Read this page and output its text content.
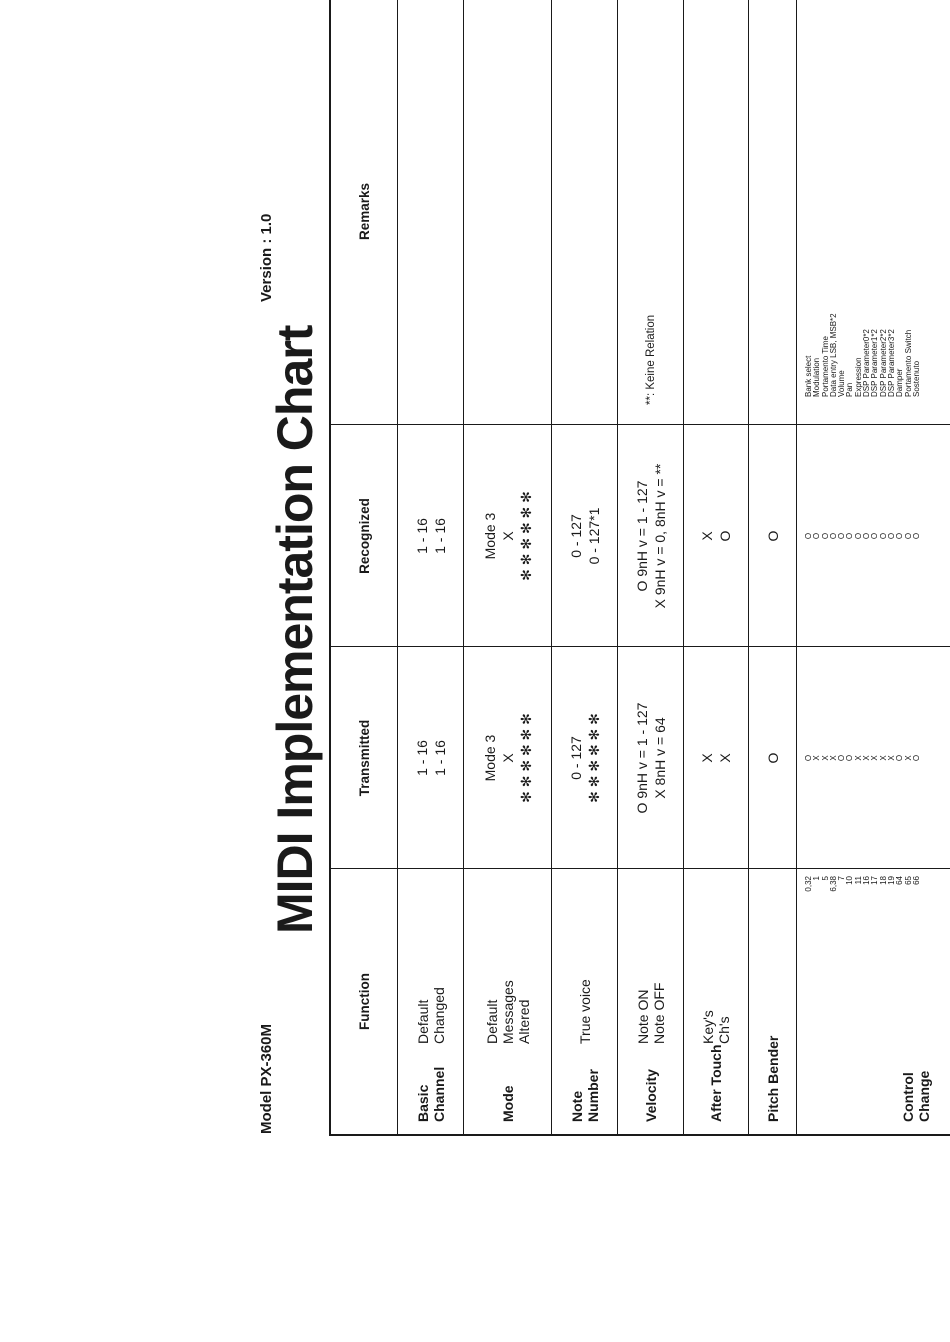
Model PX-360M
MIDI Implementation Chart
Version : 1.0
Function
Transmitted
Recognized
Remarks
Basic Channel
Default Changed
1 - 16 1 - 16
1 - 16 1 - 16
Mode
Default Messages Altered
Mode 3 X ✻ ✻ ✻ ✻ ✻ ✻
Mode 3 X ✻ ✻ ✻ ✻ ✻ ✻
Note Number
True voice
0 - 127 ✻ ✻ ✻ ✻ ✻ ✻
0 - 127 0 - 127*1
Velocity
Note ON Note OFF
O 9nH v = 1 - 127 X 8nH v = 64
O 9nH v = 1 - 127 X 9nH v = 0, 8nH v = **
**: Keine Relation
After Touch
Key's Ch's
X X
X O
Pitch Bender
O
O
Control Change
0,32 1 5 6,38 7 10 11 16 17 18 19 64 65 66
O X X X O O X X X X X O X O
O O O O O O O O O O O O O O
Bank select Modulation Portamento Time Data entry LSB, MSB*2 Volume Pan Expression DSP Parameter0*2 DSP Parameter1*2 DSP Parameter2*2 DSP Parameter3*2 Damper Portamento Switch Sostenuto
